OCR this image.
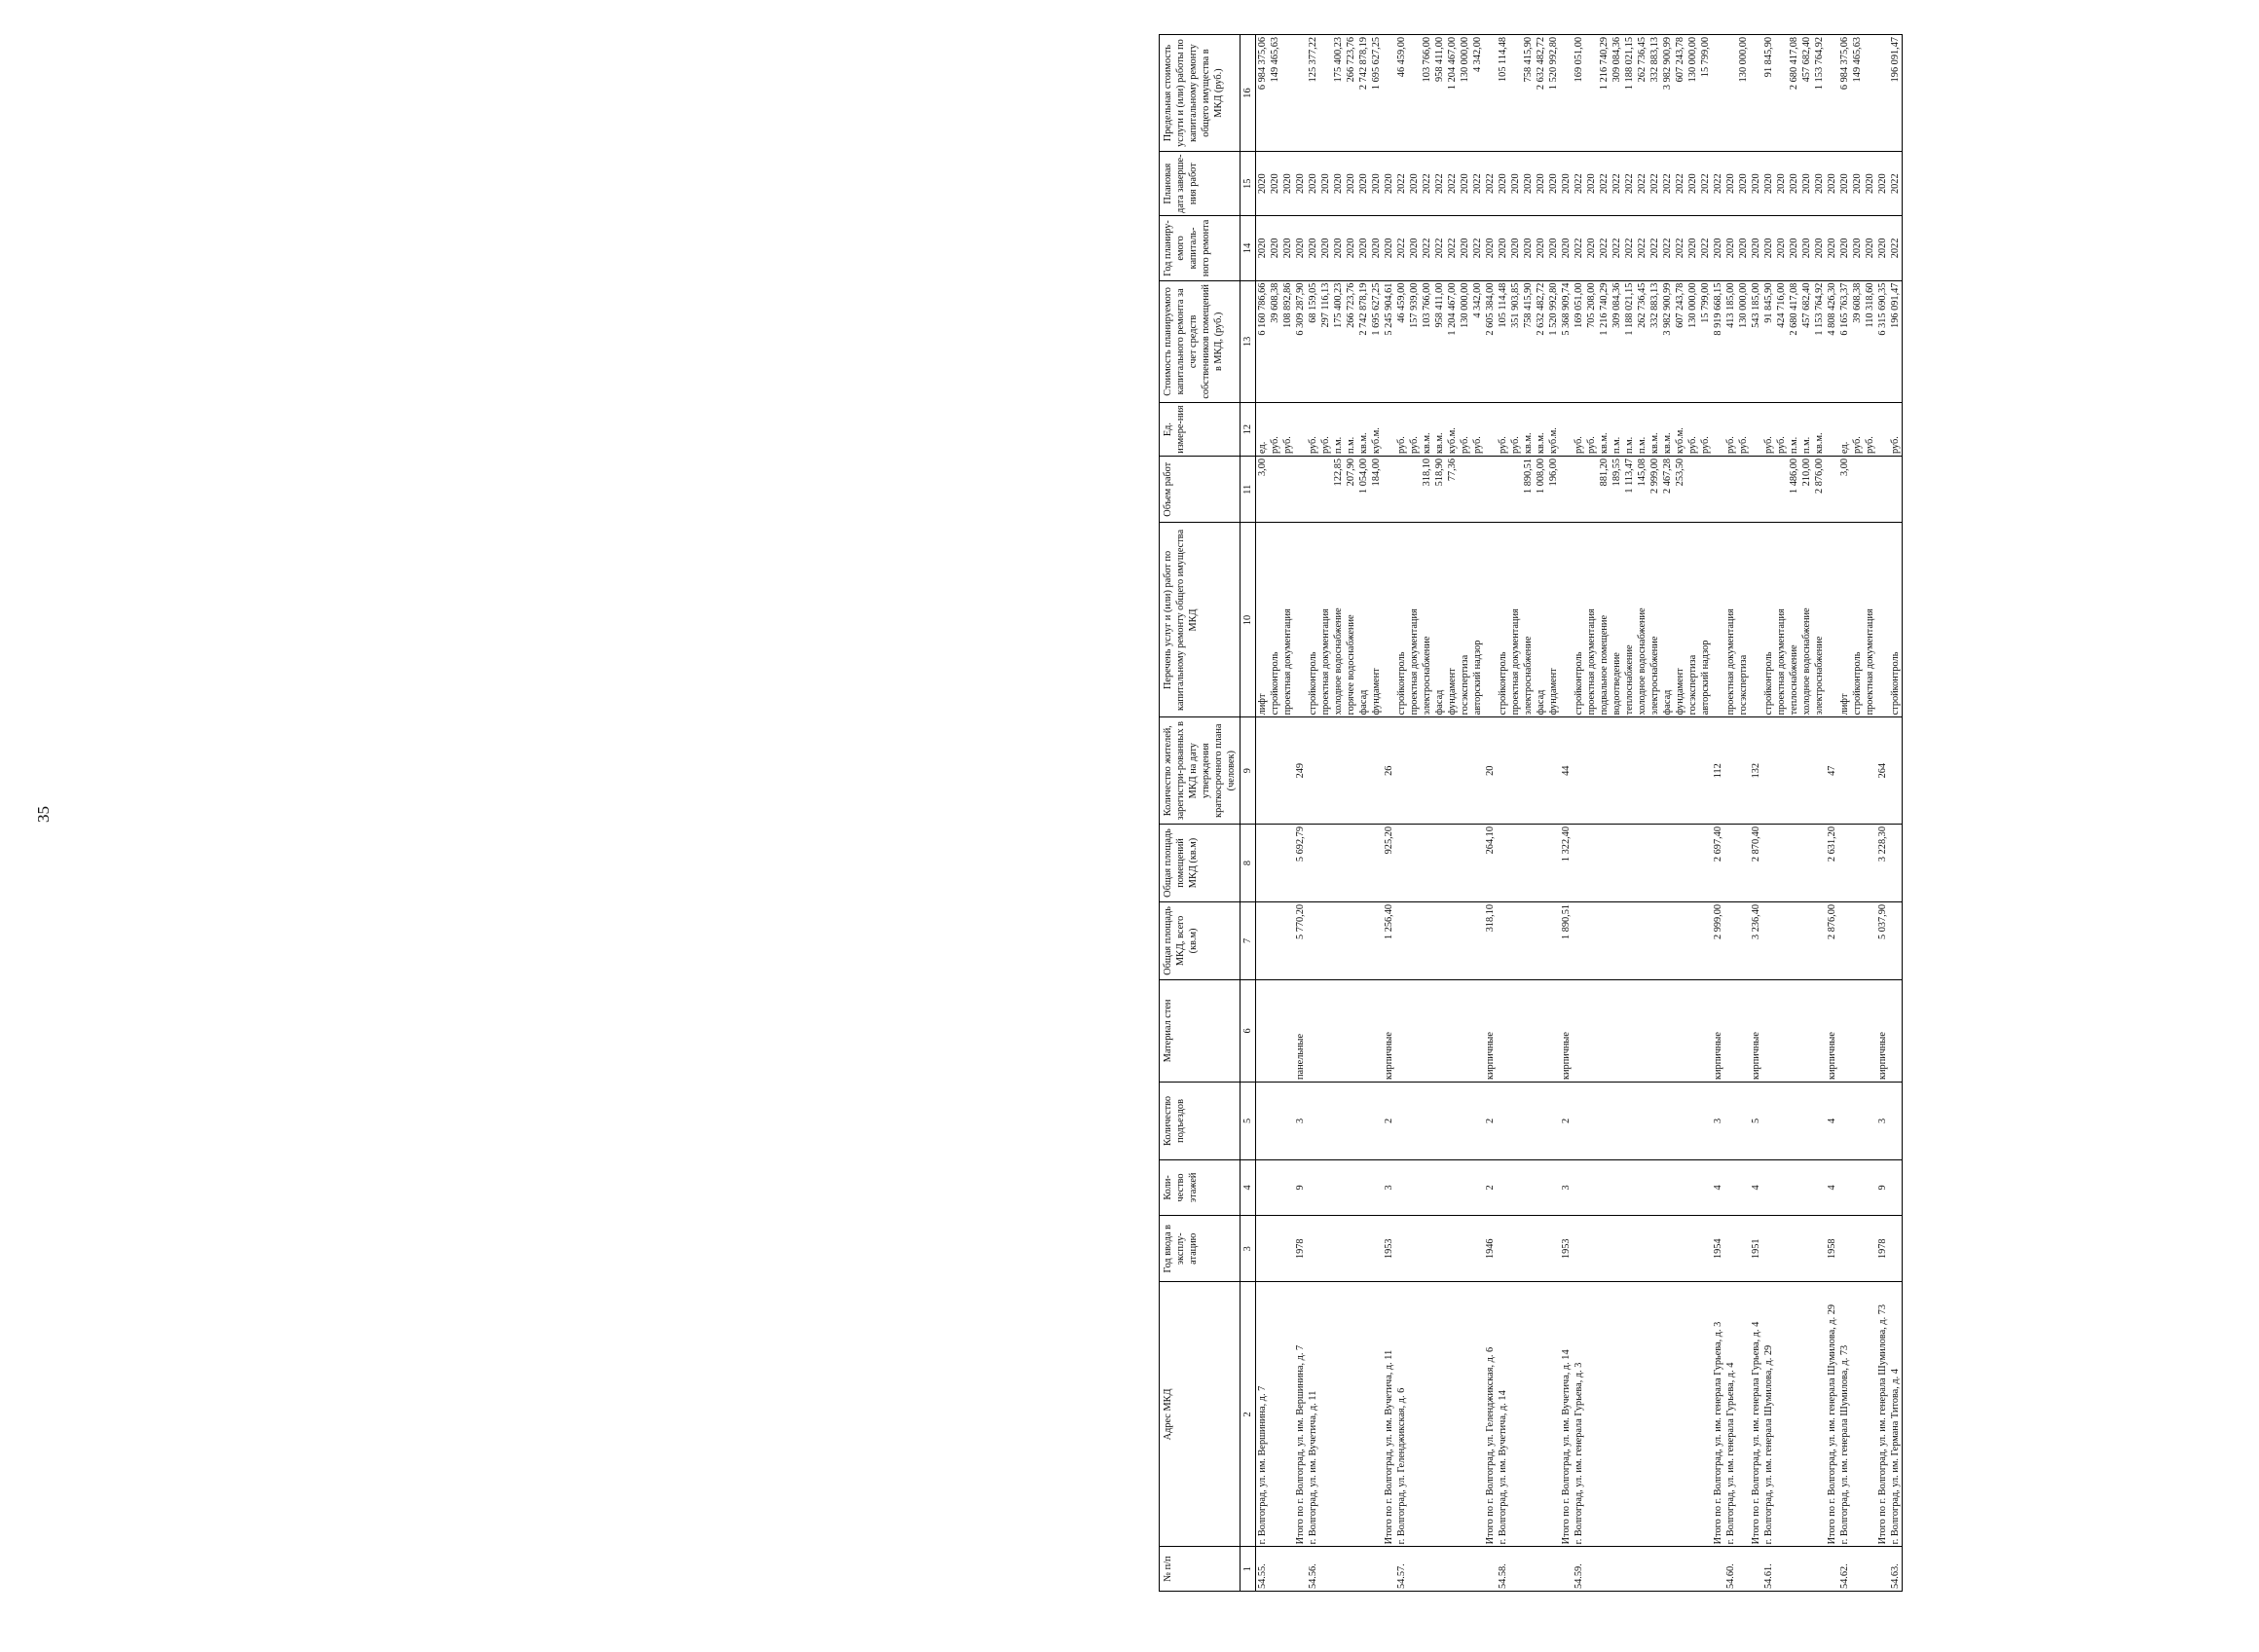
35
№ п/п	Адрес МКД	Год ввода в эксплу-атацию	Коли-чество этажей	Количество подъездов	Материал стен	Общая площадь МКД, всего (кв.м)	Общая площадь помещений МКД (кв.м)	Количество жителей, зарегистри-рованных в МКД на дату утверждения краткосрочного плана (человек)	Перечень услуг и (или) работ по капитальному ремонту общего имущества МКД	Объем работ	Ед. измере-ния	Стоимость планируемого капитального ремонта за счет средств собственников помещений в МКД, (руб.)	Год планиру-емого капиталь-ного ремонта	Плановая дата заверше-ния работ	Предельная стоимость услуги и (или) работы по капитальному ремонту общего имущества в МКД (руб.)
1	2	3	4	5	6	7	8	9	10	11	12	13	14	15	16
54.55.	г. Волгоград, ул. им. Вершинина, д. 7								лифт	3,00	ед.	6 160 786,66	2020	2020	6 984 375,06
									стройконтроль		руб.	39 608,38	2020	2020	149 465,63
									проектная документация		руб.	108 892,86	2020	2020	
	Итого по г. Волгоград, ул. им. Вершинина, д. 7	1978	9	3	панельные	5 770,20	5 692,79	249				6 309 287,90	2020	2020	
54.56.	г. Волгоград, ул. им. Вучетича, д. 11								стройконтроль		руб.	68 159,05	2020	2020	125 377,22
									проектная документация		руб.	297 116,13	2020	2020	
									холодное водоснабжение	122,85	п.м.	175 400,23	2020	2020	175 400,23
									горячее водоснабжение	207,90	п.м.	266 723,76	2020	2020	266 723,76
									фасад	1 054,00	кв.м.	2 742 878,19	2020	2020	2 742 878,19
									фундамент	184,00	куб.м.	1 695 627,25	2020	2020	1 695 627,25
	Итого по г. Волгоград, ул. им. Вучетича, д. 11	1953	3	2	кирпичные	1 256,40	925,20	26				5 245 904,61	2020	2020	
54.57.	г. Волгоград, ул. Геленджикская, д. 6								стройконтроль		руб.	46 459,00	2022	2022	46 459,00
									проектная документация		руб.	157 939,00	2020	2020	
									электроснабжение	318,10	кв.м.	103 766,00	2022	2022	103 766,00
									фасад	518,90	кв.м.	958 411,00	2022	2022	958 411,00
									фундамент	77,36	куб.м.	1 204 467,00	2022	2022	1 204 467,00
									госэкспертиза		руб.	130 000,00	2020	2020	130 000,00
									авторский надзор		руб.	4 342,00	2022	2022	4 342,00
	Итого по г. Волгоград, ул. Геленджикская, д. 6	1946	2	2	кирпичные	318,10	264,10	20				2 605 384,00	2020	2022	
54.58.	г. Волгоград, ул. им. Вучетича, д. 14								стройконтроль		руб.	105 114,48	2020	2020	105 114,48
									проектная документация		руб.	351 903,85	2020	2020	
									электроснабжение	1 890,51	кв.м.	758 415,90	2020	2020	758 415,90
									фасад	1 008,00	кв.м.	2 632 482,72	2020	2020	2 632 482,72
									фундамент	196,00	куб.м.	1 520 992,80	2020	2020	1 520 992,80
	Итого по г. Волгоград, ул. им. Вучетича, д. 14	1953	3	2	кирпичные	1 890,51	1 322,40	44				5 368 909,74	2020	2020	
54.59.	г. Волгоград, ул. им. генерала Гурьева, д. 3								стройконтроль		руб.	169 051,00	2022	2022	169 051,00
									проектная документация		руб.	705 208,00	2020	2020	
									подвальное помещение	881,20	кв.м.	1 216 740,29	2022	2022	1 216 740,29
									водоотведение	189,55	п.м.	309 084,36	2022	2022	309 084,36
									теплоснабжение	1 113,47	п.м.	1 188 021,15	2022	2022	1 188 021,15
									холодное водоснабжение	145,08	п.м.	262 736,45	2022	2022	262 736,45
									электроснабжение	2 999,00	кв.м.	332 883,13	2022	2022	332 883,13
									фасад	2 467,28	кв.м.	3 982 900,99	2022	2022	3 982 900,99
									фундамент	253,50	куб.м.	607 243,78	2022	2022	607 243,78
									госэкспертиза		руб.	130 000,00	2020	2020	130 000,00
									авторский надзор		руб.	15 799,00	2022	2022	15 799,00
	Итого по г. Волгоград, ул. им. генерала Гурьева, д. 3	1954	4	3	кирпичные	2 999,00	2 697,40	112				8 919 668,15	2020	2022	
54.60.	г. Волгоград, ул. им. генерала Гурьева, д. 4								проектная документация		руб.	413 185,00	2020	2020	
									госэкспертиза		руб.	130 000,00	2020	2020	130 000,00
	Итого по г. Волгоград, ул. им. генерала Гурьева, д. 4	1951	4	5	кирпичные	3 236,40	2 870,40	132				543 185,00	2020	2020	
54.61.	г. Волгоград, ул. им. генерала Шумилова, д. 29								стройконтроль		руб.	91 845,90	2020	2020	91 845,90
									проектная документация		руб.	424 716,00	2020	2020	
									теплоснабжение	1 486,00	п.м.	2 680 417,08	2020	2020	2 680 417,08
									холодное водоснабжение	210,00	п.м.	457 682,40	2020	2020	457 682,40
									электроснабжение	2 876,00	кв.м.	1 153 764,92	2020	2020	1 153 764,92
	Итого по г. Волгоград, ул. им. генерала Шумилова, д. 29	1958	4	4	кирпичные	2 876,00	2 631,20	47				4 808 426,30	2020	2020	
54.62.	г. Волгоград, ул. им. генерала Шумилова, д. 73								лифт	3,00	ед.	6 165 763,37	2020	2020	6 984 375,06
									стройконтроль		руб.	39 608,38	2020	2020	149 465,63
									проектная документация		руб.	110 318,60	2020	2020	
	Итого по г. Волгоград, ул. им. генерала Шумилова, д. 73	1978	9	3	кирпичные	5 037,90	3 228,30	264				6 315 690,35	2020	2020	
54.63.	г. Волгоград, ул. им. Германа Титова, д. 4								стройконтроль		руб.	196 091,47	2022	2022	196 091,47
